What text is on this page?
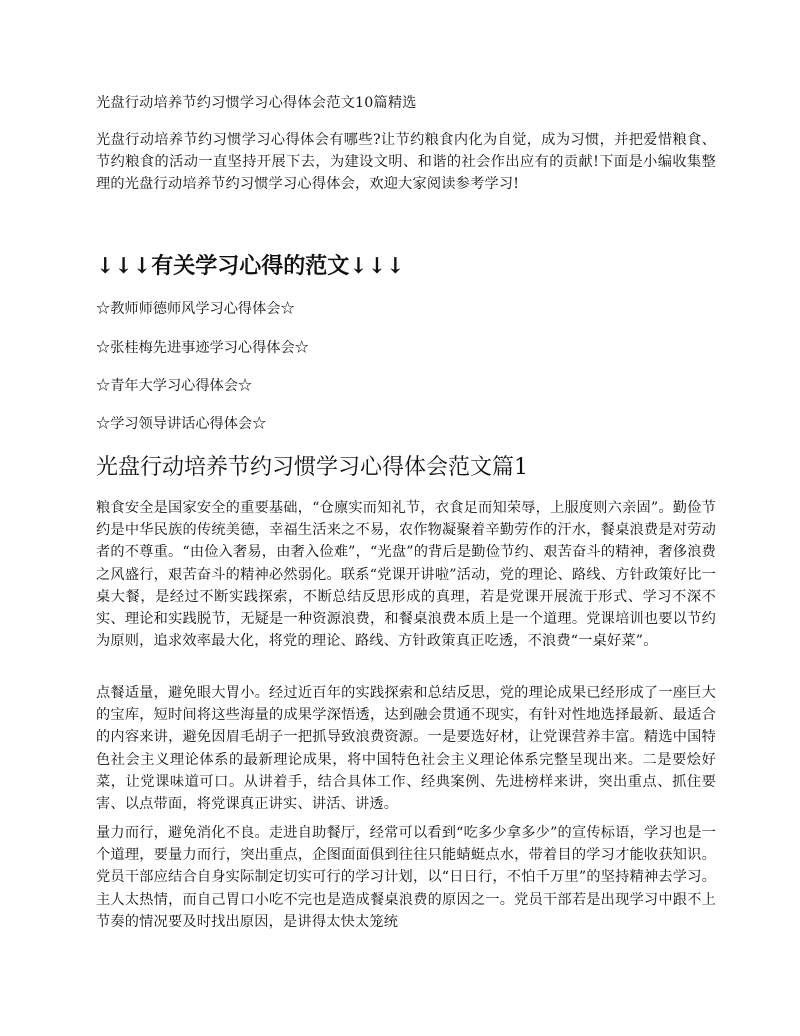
光盘行动培养节约习惯学习心得体会范文10篇精选
光盘行动培养节约习惯学习心得体会有哪些?让节约粮食内化为自觉，成为习惯，并把爱惜粮食、节约粮食的活动一直坚持开展下去，为建设文明、和谐的社会作出应有的贡献!下面是小编收集整理的光盘行动培养节约习惯学习心得体会，欢迎大家阅读参考学习!
↓↓↓有关学习心得的范文↓↓↓
☆教师师德师风学习心得体会☆
☆张桂梅先进事迹学习心得体会☆
☆青年大学习心得体会☆
☆学习领导讲话心得体会☆
光盘行动培养节约习惯学习心得体会范文篇1
粮食安全是国家安全的重要基础，“仓廪实而知礼节，衣食足而知荣辱，上服度则六亲固”。勤俭节约是中华民族的传统美德，幸福生活来之不易，农作物凝聚着辛勤劳作的汗水，餐桌浪费是对劳动者的不尊重。“由俭入奢易，由奢入俭难”，“光盘”的背后是勤俭节约、艰苦奋斗的精神，奢侈浪费之风盛行，艰苦奋斗的精神必然弱化。联系“党课开讲啦”活动，党的理论、路线、方针政策好比一桌大餐，是经过不断实践探索，不断总结反思形成的真理，若是党课开展流于形式、学习不深不实、理论和实践脱节，无疑是一种资源浪费，和餐桌浪费本质上是一个道理。党课培训也要以节约为原则，追求效率最大化，将党的理论、路线、方针政策真正吃透，不浪费“一桌好菜”。
点餐适量，避免眼大胃小。经过近百年的实践探索和总结反思，党的理论成果已经形成了一座巨大的宝库，短时间将这些海量的成果学深悟透，达到融会贯通不现实，有针对性地选择最新、最适合的内容来讲，避免因眉毛胡子一把抓导致浪费资源。一是要选好材，让党课营养丰富。精选中国特色社会主义理论体系的最新理论成果，将中国特色社会主义理论体系完整呈现出来。二是要烩好菜，让党课味道可口。从讲着手，结合具体工作、经典案例、先进榜样来讲，突出重点、抓住要害、以点带面，将党课真正讲实、讲活、讲透。
量力而行，避免消化不良。走进自助餐厅，经常可以看到“吃多少拿多少”的宣传标语，学习也是一个道理，要量力而行，突出重点，企图面面俱到往往只能蜻蜓点水，带着目的学习才能收获知识。党员干部应结合自身实际制定切实可行的学习计划，以“日日行，不怕千万里”的坚持精神去学习。主人太热情，而自己胃口小吃不完也是造成餐桌浪费的原因之一。党员干部若是出现学习中跟不上节奏的情况要及时找出原因，是讲得太快太笼统
